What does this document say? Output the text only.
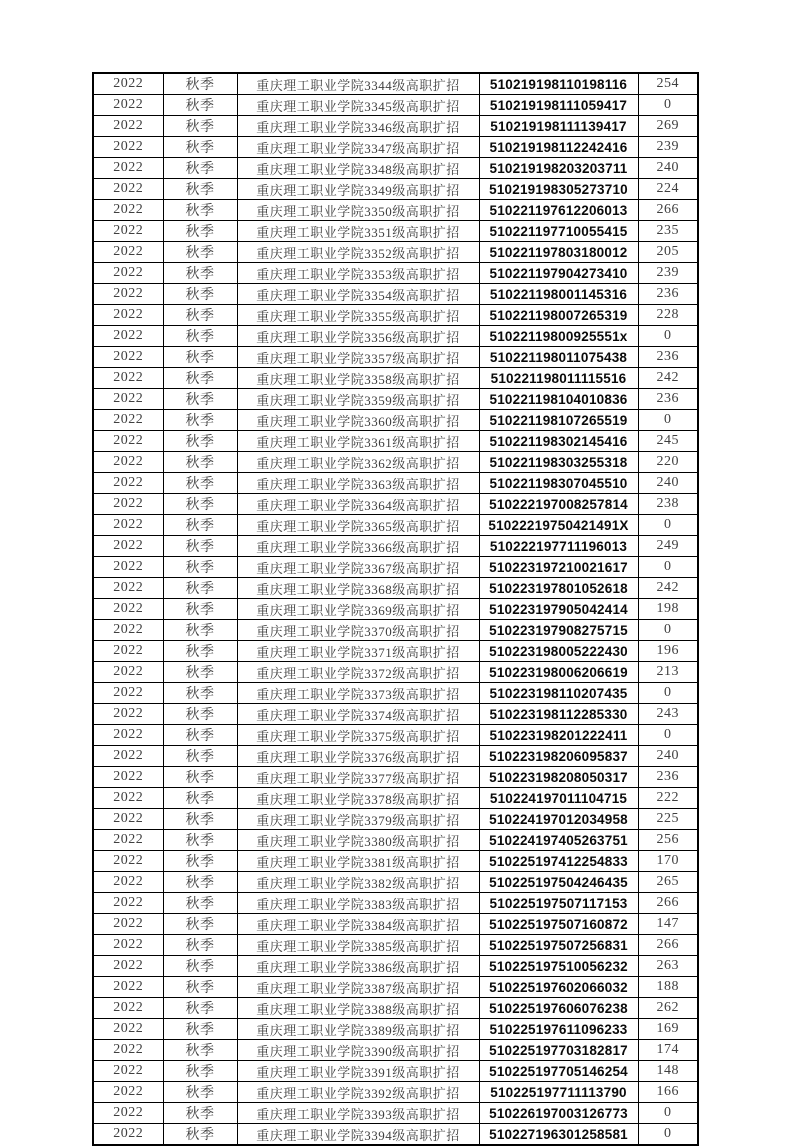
2022	秋季	重庆理工职业学院3344级高职扩招	510219198110198116	254
2022	秋季	重庆理工职业学院3345级高职扩招	510219198111059417	0
2022	秋季	重庆理工职业学院3346级高职扩招	510219198111139417	269
2022	秋季	重庆理工职业学院3347级高职扩招	510219198112242416	239
2022	秋季	重庆理工职业学院3348级高职扩招	510219198203203711	240
2022	秋季	重庆理工职业学院3349级高职扩招	510219198305273710	224
2022	秋季	重庆理工职业学院3350级高职扩招	510221197612206013	266
2022	秋季	重庆理工职业学院3351级高职扩招	510221197710055415	235
2022	秋季	重庆理工职业学院3352级高职扩招	510221197803180012	205
2022	秋季	重庆理工职业学院3353级高职扩招	510221197904273410	239
2022	秋季	重庆理工职业学院3354级高职扩招	510221198001145316	236
2022	秋季	重庆理工职业学院3355级高职扩招	510221198007265319	228
2022	秋季	重庆理工职业学院3356级高职扩招	51022119800925551x	0
2022	秋季	重庆理工职业学院3357级高职扩招	510221198011075438	236
2022	秋季	重庆理工职业学院3358级高职扩招	510221198011115516	242
2022	秋季	重庆理工职业学院3359级高职扩招	510221198104010836	236
2022	秋季	重庆理工职业学院3360级高职扩招	510221198107265519	0
2022	秋季	重庆理工职业学院3361级高职扩招	510221198302145416	245
2022	秋季	重庆理工职业学院3362级高职扩招	510221198303255318	220
2022	秋季	重庆理工职业学院3363级高职扩招	510221198307045510	240
2022	秋季	重庆理工职业学院3364级高职扩招	510222197008257814	238
2022	秋季	重庆理工职业学院3365级高职扩招	51022219750421491X	0
2022	秋季	重庆理工职业学院3366级高职扩招	510222197711196013	249
2022	秋季	重庆理工职业学院3367级高职扩招	510223197210021617	0
2022	秋季	重庆理工职业学院3368级高职扩招	510223197801052618	242
2022	秋季	重庆理工职业学院3369级高职扩招	510223197905042414	198
2022	秋季	重庆理工职业学院3370级高职扩招	510223197908275715	0
2022	秋季	重庆理工职业学院3371级高职扩招	510223198005222430	196
2022	秋季	重庆理工职业学院3372级高职扩招	510223198006206619	213
2022	秋季	重庆理工职业学院3373级高职扩招	510223198110207435	0
2022	秋季	重庆理工职业学院3374级高职扩招	510223198112285330	243
2022	秋季	重庆理工职业学院3375级高职扩招	510223198201222411	0
2022	秋季	重庆理工职业学院3376级高职扩招	510223198206095837	240
2022	秋季	重庆理工职业学院3377级高职扩招	510223198208050317	236
2022	秋季	重庆理工职业学院3378级高职扩招	510224197011104715	222
2022	秋季	重庆理工职业学院3379级高职扩招	510224197012034958	225
2022	秋季	重庆理工职业学院3380级高职扩招	510224197405263751	256
2022	秋季	重庆理工职业学院3381级高职扩招	510225197412254833	170
2022	秋季	重庆理工职业学院3382级高职扩招	510225197504246435	265
2022	秋季	重庆理工职业学院3383级高职扩招	510225197507117153	266
2022	秋季	重庆理工职业学院3384级高职扩招	510225197507160872	147
2022	秋季	重庆理工职业学院3385级高职扩招	510225197507256831	266
2022	秋季	重庆理工职业学院3386级高职扩招	510225197510056232	263
2022	秋季	重庆理工职业学院3387级高职扩招	510225197602066032	188
2022	秋季	重庆理工职业学院3388级高职扩招	510225197606076238	262
2022	秋季	重庆理工职业学院3389级高职扩招	510225197611096233	169
2022	秋季	重庆理工职业学院3390级高职扩招	510225197703182817	174
2022	秋季	重庆理工职业学院3391级高职扩招	510225197705146254	148
2022	秋季	重庆理工职业学院3392级高职扩招	510225197711113790	166
2022	秋季	重庆理工职业学院3393级高职扩招	510226197003126773	0
2022	秋季	重庆理工职业学院3394级高职扩招	510227196301258581	0
